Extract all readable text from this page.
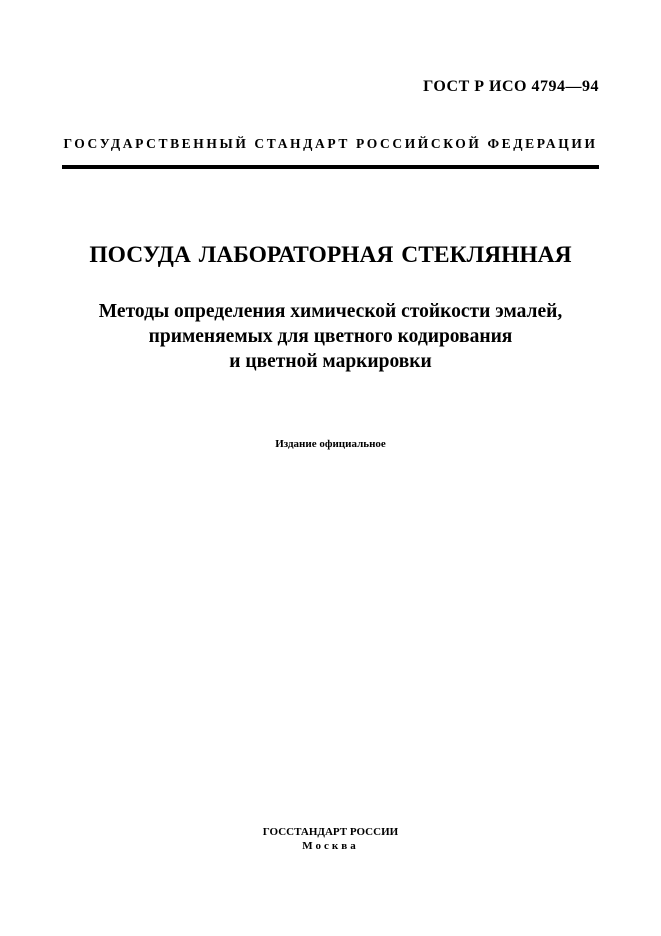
ГОСТ Р ИСО 4794—94
ГОСУДАРСТВЕННЫЙ СТАНДАРТ РОССИЙСКОЙ ФЕДЕРАЦИИ
ПОСУДА ЛАБОРАТОРНАЯ СТЕКЛЯННАЯ
Методы определения химической стойкости эмалей,
применяемых для цветного кодирования
и цветной маркировки
Издание официальное
ГОССТАНДАРТ РОССИИ
Москва
